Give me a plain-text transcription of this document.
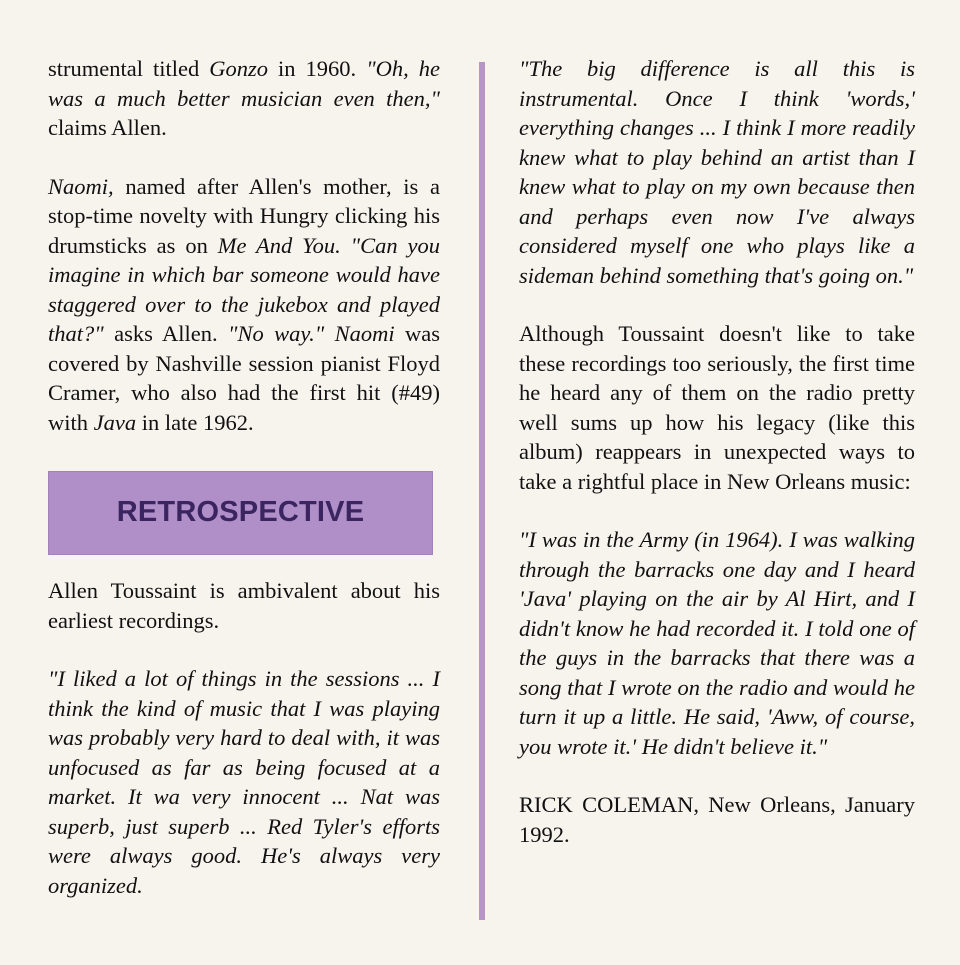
strumental titled Gonzo in 1960. "Oh, he was a much better musician even then," claims Allen.

Naomi, named after Allen's mother, is a stop-time novelty with Hungry clicking his drumsticks as on Me And You. "Can you imagine in which bar someone would have staggered over to the jukebox and played that?" asks Allen. "No way." Naomi was covered by Nashville session pianist Floyd Cramer, who also had the first hit (#49) with Java in late 1962.

RETROSPECTIVE

Allen Toussaint is ambivalent about his earliest recordings.

"I liked a lot of things in the sessions ... I think the kind of music that I was playing was probably very hard to deal with, it was unfocused as far as being focused at a market. It wa very innocent ... Nat was superb, just superb ... Red Tyler's efforts were always good. He's always very organized.

"The big difference is all this is instrumental. Once I think 'words,' everything changes ... I think I more readily knew what to play behind an artist than I knew what to play on my own because then and perhaps even now I've always considered myself one who plays like a sideman behind something that's going on."

Although Toussaint doesn't like to take these recordings too seriously, the first time he heard any of them on the radio pretty well sums up how his legacy (like this album) reappears in unexpected ways to take a rightful place in New Orleans music:

"I was in the Army (in 1964). I was walking through the barracks one day and I heard 'Java' playing on the air by Al Hirt, and I didn't know he had recorded it. I told one of the guys in the barracks that there was a song that I wrote on the radio and would he turn it up a little. He said, 'Aww, of course, you wrote it.' He didn't believe it."

RICK COLEMAN, New Orleans, January 1992.
